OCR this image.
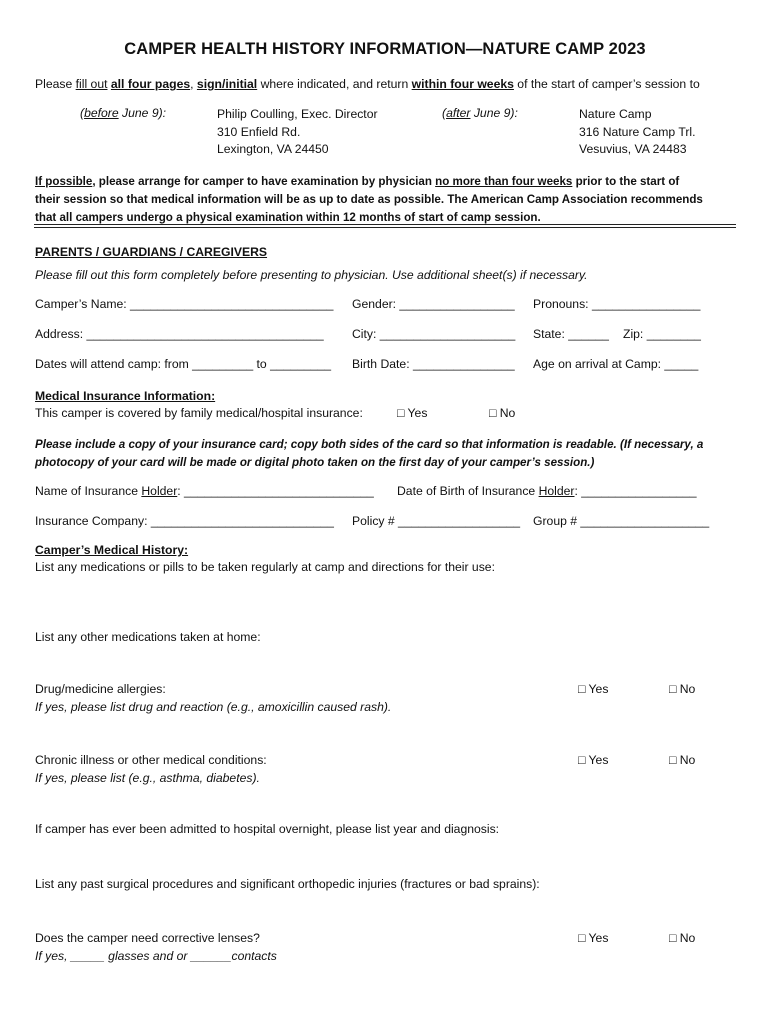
CAMPER HEALTH HISTORY INFORMATION—NATURE CAMP 2023
Please fill out all four pages, sign/initial where indicated, and return within four weeks of the start of camper’s session to
(before June 9):	Philip Coulling, Exec. Director
310 Enfield Rd.
Lexington, VA 24450
(after June 9):	Nature Camp
316 Nature Camp Trl.
Vesuvius, VA 24483
If possible, please arrange for camper to have examination by physician no more than four weeks prior to the start of
their session so that medical information will be as up to date as possible. The American Camp Association recommends
that all campers undergo a physical examination within 12 months of start of camp session.
PARENTS / GUARDIANS / CAREGIVERS
Please fill out this form completely before presenting to physician. Use additional sheet(s) if necessary.
Camper’s Name: ______________________________ Gender: _________________ Pronouns: ________________
Address: ___________________________________ City: ____________________ State: ______ Zip: ________
Dates will attend camp: from _________ to _________ Birth Date: _______________ Age on arrival at Camp: _____
Medical Insurance Information:
This camper is covered by family medical/hospital insurance:	□ Yes	□ No
Please include a copy of your insurance card; copy both sides of the card so that information is readable. (If necessary, a
photocopy of your card will be made or digital photo taken on the first day of your camper’s session.)
Name of Insurance Holder: ____________________________ Date of Birth of Insurance Holder: _________________
Insurance Company: ___________________________ Policy # __________________ Group # ___________________
Camper’s Medical History:
List any medications or pills to be taken regularly at camp and directions for their use:
List any other medications taken at home:
Drug/medicine allergies:
If yes, please list drug and reaction (e.g., amoxicillin caused rash).
□ Yes	□ No
Chronic illness or other medical conditions:
If yes, please list (e.g., asthma, diabetes).
□ Yes	□ No
If camper has ever been admitted to hospital overnight, please list year and diagnosis:
List any past surgical procedures and significant orthopedic injuries (fractures or bad sprains):
Does the camper need corrective lenses?
If yes, _____ glasses and or ______contacts
□ Yes	□ No
